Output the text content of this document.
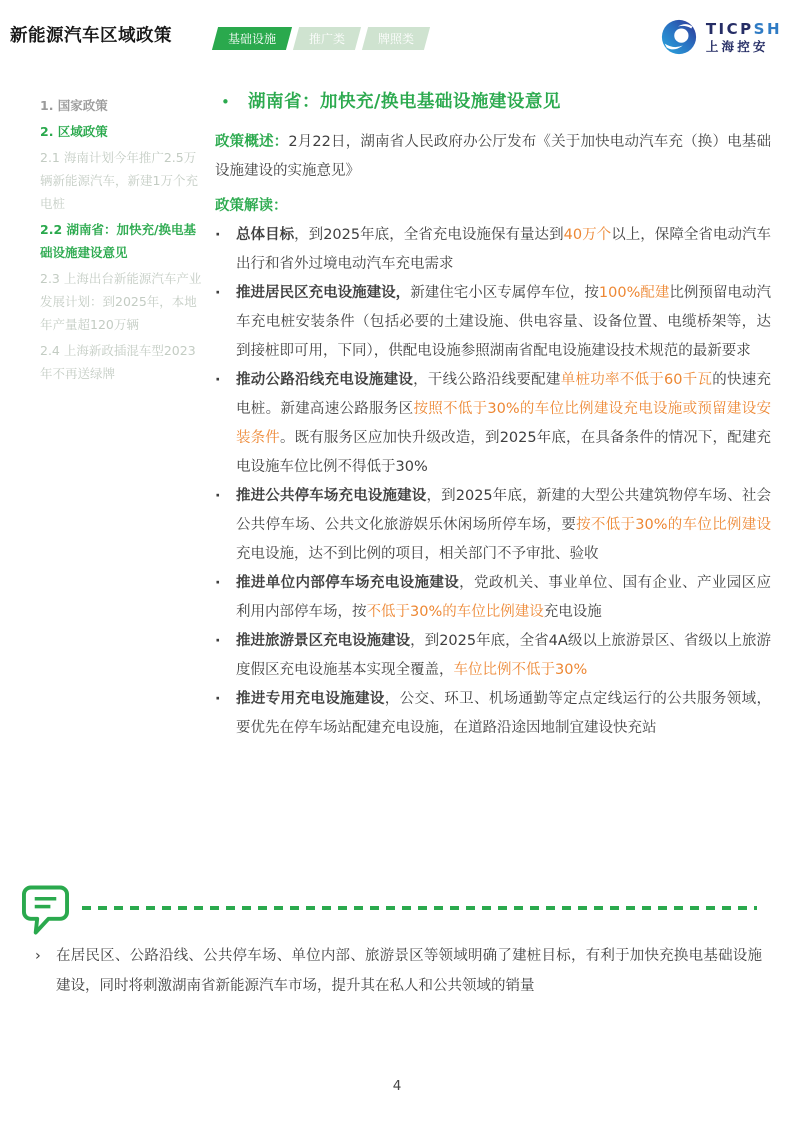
新能源汽车区域政策	基础设施	推广类	牌照类
TICPSH
上海控安
1. 国家政策
2. 区域政策
2.1 海南计划今年推广2.5万辆新能源汽车，新建1万个充电桩
2.2 湖南省：加快充/换电基础设施建设意见
2.3 上海出台新能源汽车产业发展计划：到2025年，本地年产量超120万辆
2.4 上海新政插混车型2023年不再送绿牌
•	湖南省：加快充/换电基础设施建设意见

政策概述：2月22日，湖南省人民政府办公厅发布《关于加快电动汽车充（换）电基础设施建设的实施意见》

政策解读：

·	总体目标，到2025年底，全省充电设施保有量达到40万个以上，保障全省电动汽车出行和省外过境电动汽车充电需求
·	推进居民区充电设施建设，新建住宅小区专属停车位，按100%配建比例预留电动汽车充电桩安装条件（包括必要的土建设施、供电容量、设备位置、电缆桥架等，达到接桩即可用，下同），供配电设施参照湖南省配电设施建设技术规范的最新要求
·	推动公路沿线充电设施建设，干线公路沿线要配建单桩功率不低于60千瓦的快速充电桩。新建高速公路服务区按照不低于30%的车位比例建设充电设施或预留建设安装条件。既有服务区应加快升级改造，到2025年底，在具备条件的情况下，配建充电设施车位比例不得低于30%
·	推进公共停车场充电设施建设，到2025年底，新建的大型公共建筑物停车场、社会公共停车场、公共文化旅游娱乐休闲场所停车场，要按不低于30%的车位比例建设充电设施，达不到比例的项目，相关部门不予审批、验收
·	推进单位内部停车场充电设施建设，党政机关、事业单位、国有企业、产业园区应利用内部停车场，按不低于30%的车位比例建设充电设施
·	推进旅游景区充电设施建设，到2025年底，全省4A级以上旅游景区、省级以上旅游度假区充电设施基本实现全覆盖，车位比例不低于30%
·	推进专用充电设施建设，公交、环卫、机场通勤等定点定线运行的公共服务领域，要优先在停车场站配建充电设施，在道路沿途因地制宜建设快充站
›	在居民区、公路沿线、公共停车场、单位内部、旅游景区等领域明确了建桩目标，有利于加快充换电基础设施建设，同时将刺激湖南省新能源汽车市场，提升其在私人和公共领域的销量
4
